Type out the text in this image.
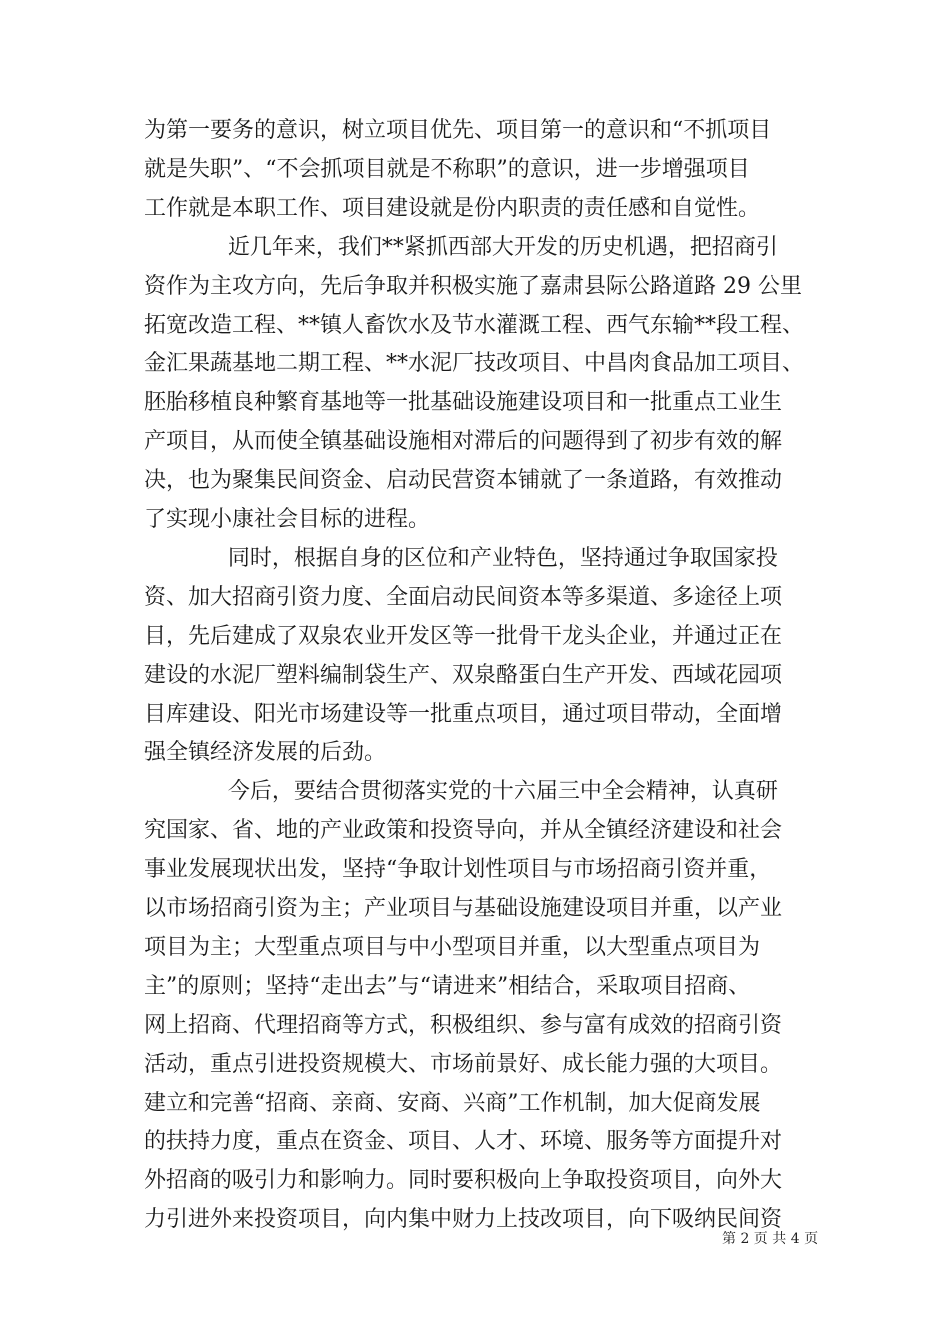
为第一要务的意识，树立项目优先、项目第一的意识和“不抓项目
就是失职”、“不会抓项目就是不称职”的意识，进一步增强项目
工作就是本职工作、项目建设就是份内职责的责任感和自觉性。
近几年来，我们**紧抓西部大开发的历史机遇，把招商引
资作为主攻方向，先后争取并积极实施了嘉肃县际公路道路 29 公里
拓宽改造工程、**镇人畜饮水及节水灌溉工程、西气东输**段工程、
金汇果蔬基地二期工程、**水泥厂技改项目、中昌肉食品加工项目、
胚胎移植良种繁育基地等一批基础设施建设项目和一批重点工业生
产项目，从而使全镇基础设施相对滞后的问题得到了初步有效的解
决，也为聚集民间资金、启动民营资本铺就了一条道路，有效推动
了实现小康社会目标的进程。
同时，根据自身的区位和产业特色，坚持通过争取国家投
资、加大招商引资力度、全面启动民间资本等多渠道、多途径上项
目，先后建成了双泉农业开发区等一批骨干龙头企业，并通过正在
建设的水泥厂塑料编制袋生产、双泉酪蛋白生产开发、西域花园项
目库建设、阳光市场建设等一批重点项目，通过项目带动，全面增
强全镇经济发展的后劲。
今后，要结合贯彻落实党的十六届三中全会精神，认真研
究国家、省、地的产业政策和投资导向，并从全镇经济建设和社会
事业发展现状出发，坚持“争取计划性项目与市场招商引资并重，
以市场招商引资为主；产业项目与基础设施建设项目并重，以产业
项目为主；大型重点项目与中小型项目并重，以大型重点项目为
主”的原则；坚持“走出去”与“请进来”相结合，采取项目招商、
网上招商、代理招商等方式，积极组织、参与富有成效的招商引资
活动，重点引进投资规模大、市场前景好、成长能力强的大项目。
建立和完善“招商、亲商、安商、兴商”工作机制，加大促商发展
的扶持力度，重点在资金、项目、人才、环境、服务等方面提升对
外招商的吸引力和影响力。同时要积极向上争取投资项目，向外大
力引进外来投资项目，向内集中财力上技改项目，向下吸纳民间资
第 2 页 共 4 页
